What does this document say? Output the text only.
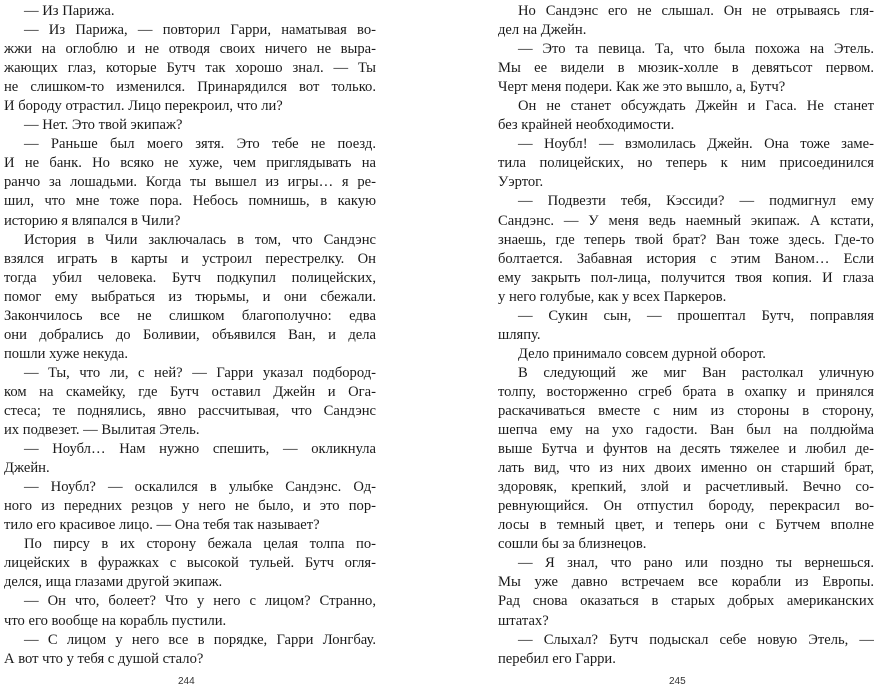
— Из Парижа.
— Из Парижа, — повторил Гарри, наматывая во-
жжи на оглоблю и не отводя своих ничего не выра-
жающих глаз, которые Бутч так хорошо знал. — Ты
не слишком-то изменился. Принарядился вот только.
И бороду отрастил. Лицо перекроил, что ли?
— Нет. Это твой экипаж?
— Раньше был моего зятя. Это тебе не поезд.
И не банк. Но всяко не хуже, чем приглядывать на
ранчо за лошадьми. Когда ты вышел из игры… я ре-
шил, что мне тоже пора. Небось помнишь, в какую
историю я вляпался в Чили?
История в Чили заключалась в том, что Сандэнс
взялся играть в карты и устроил перестрелку. Он
тогда убил человека. Бутч подкупил полицейских,
помог ему выбраться из тюрьмы, и они сбежали.
Закончилось все не слишком благополучно: едва
они добрались до Боливии, объявился Ван, и дела
пошли хуже некуда.
— Ты, что ли, с ней? — Гарри указал подбород-
ком на скамейку, где Бутч оставил Джейн и Ога-
стеса; те поднялись, явно рассчитывая, что Сандэнс
их подвезет. — Вылитая Этель.
— Ноубл… Нам нужно спешить, — окликнула
Джейн.
— Ноубл? — оскалился в улыбке Сандэнс. Од-
ного из передних резцов у него не было, и это пор-
тило его красивое лицо. — Она тебя так называет?
По пирсу в их сторону бежала целая толпа по-
лицейских в фуражках с высокой тульей. Бутч огля-
делся, ища глазами другой экипаж.
— Он что, болеет? Что у него с лицом? Странно,
что его вообще на корабль пустили.
— С лицом у него все в порядке, Гарри Лонгбау.
А вот что у тебя с душой стало?
244
Но Сандэнс его не слышал. Он не отрываясь гля-
дел на Джейн.
— Это та певица. Та, что была похожа на Этель.
Мы ее видели в мюзик-холле в девятьсот первом.
Черт меня подери. Как же это вышло, а, Бутч?
Он не станет обсуждать Джейн и Гаса. Не станет
без крайней необходимости.
— Ноубл! — взмолилась Джейн. Она тоже заме-
тила полицейских, но теперь к ним присоединился
Уэртог.
— Подвезти тебя, Кэссиди? — подмигнул ему
Сандэнс. — У меня ведь наемный экипаж. А кстати,
знаешь, где теперь твой брат? Ван тоже здесь. Где-то
болтается. Забавная история с этим Ваном… Если
ему закрыть пол-лица, получится твоя копия. И глаза
у него голубые, как у всех Паркеров.
— Сукин сын, — прошептал Бутч, поправляя
шляпу.
Дело принимало совсем дурной оборот.
В следующий же миг Ван растолкал уличную
толпу, восторженно сгреб брата в охапку и принялся
раскачиваться вместе с ним из стороны в сторону,
шепча ему на ухо гадости. Ван был на полдюйма
выше Бутча и фунтов на десять тяжелее и любил де-
лать вид, что из них двоих именно он старший брат,
здоровяк, крепкий, злой и расчетливый. Вечно со-
ревнующийся. Он отпустил бороду, перекрасил во-
лосы в темный цвет, и теперь они с Бутчем вполне
сошли бы за близнецов.
— Я знал, что рано или поздно ты вернешься.
Мы уже давно встречаем все корабли из Европы.
Рад снова оказаться в старых добрых американских
штатах?
— Слыхал? Бутч подыскал себе новую Этель, —
перебил его Гарри.
245
